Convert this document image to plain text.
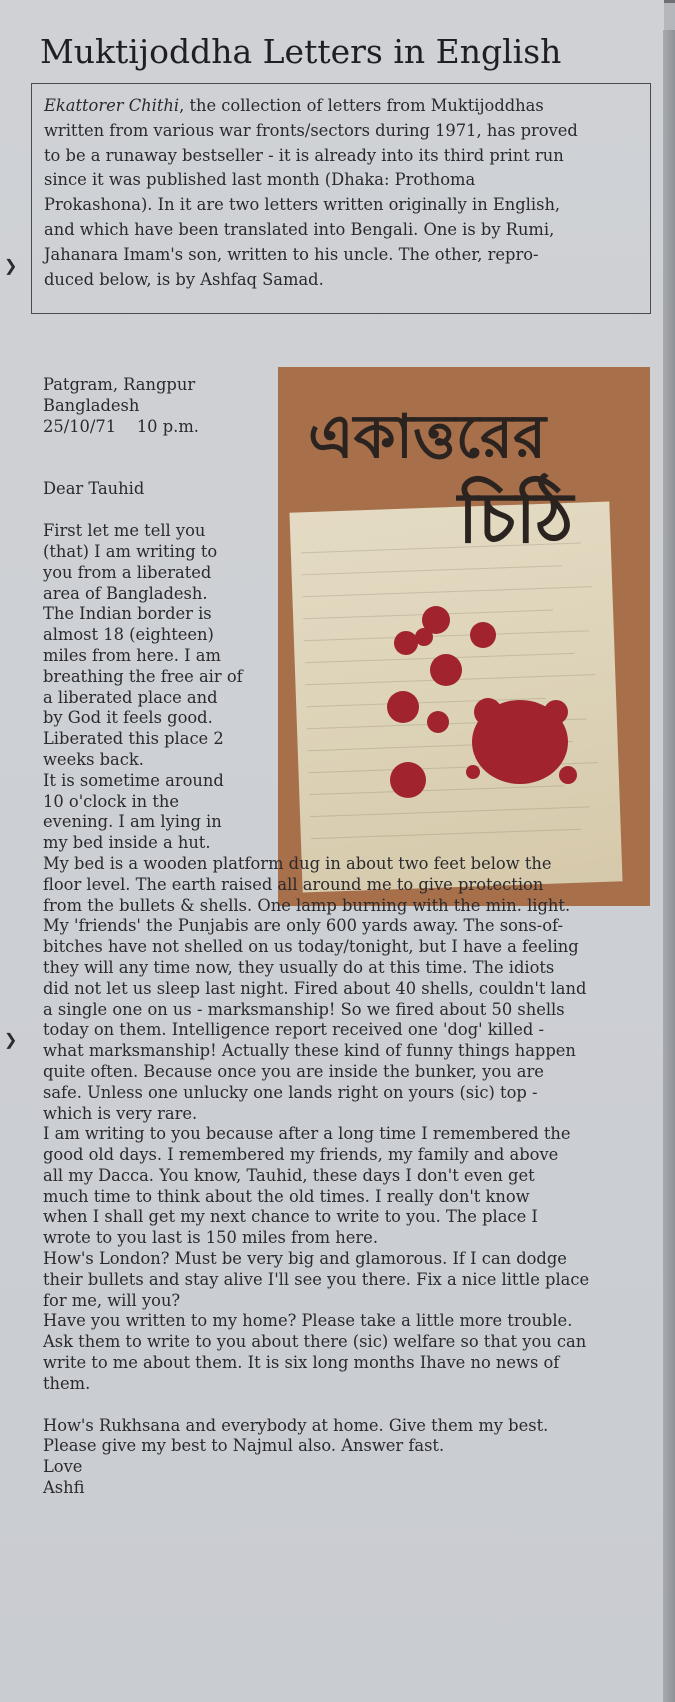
Muktijoddha Letters in English

Ekattorer Chithi, the collection of letters from Muktijoddhas
written from various war fronts/sectors during 1971, has proved
to be a runaway bestseller - it is already into its third print run
since it was published last month (Dhaka: Prothoma
Prokashona). In it are two letters written originally in English,
and which have been translated into Bengali. One is by Rumi,
Jahanara Imam's son, written to his uncle. The other, repro-
duced below, is by Ashfaq Samad.

একাত্তরের
চিঠি
Patgram, Rangpur
Bangladesh
25/10/71    10 p.m.
Dear Tauhid
First let me tell you
(that) I am writing to
you from a liberated
area of Bangladesh.
The Indian border is
almost 18 (eighteen)
miles from here. I am
breathing the free air of
a liberated place and
by God it feels good.
Liberated this place 2
weeks back.
It is sometime around
10 o'clock in the
evening. I am lying in
my bed inside a hut.
My bed is a wooden platform dug in about two feet below the
floor level. The earth raised all around me to give protection
from the bullets & shells. One lamp burning with the min. light.
My 'friends' the Punjabis are only 600 yards away. The sons-of-
bitches have not shelled on us today/tonight, but I have a feeling
they will any time now, they usually do at this time. The idiots
did not let us sleep last night. Fired about 40 shells, couldn't land
a single one on us - marksmanship! So we fired about 50 shells
today on them. Intelligence report received one 'dog' killed -
what marksmanship! Actually these kind of funny things happen
quite often. Because once you are inside the bunker, you are
safe. Unless one unlucky one lands right on yours (sic) top -
which is very rare.
I am writing to you because after a long time I remembered the
good old days. I remembered my friends, my family and above
all my Dacca. You know, Tauhid, these days I don't even get
much time to think about the old times. I really don't know
when I shall get my next chance to write to you. The place I
wrote to you last is 150 miles from here.
How's London? Must be very big and glamorous. If I can dodge
their bullets and stay alive I'll see you there. Fix a nice little place
for me, will you?
Have you written to my home? Please take a little more trouble.
Ask them to write to you about there (sic) welfare so that you can
write to me about them. It is six long months Ihave no news of
them.
How's Rukhsana and everybody at home. Give them my best.
Please give my best to Najmul also. Answer fast.
Love
Ashfi
❯
❯
